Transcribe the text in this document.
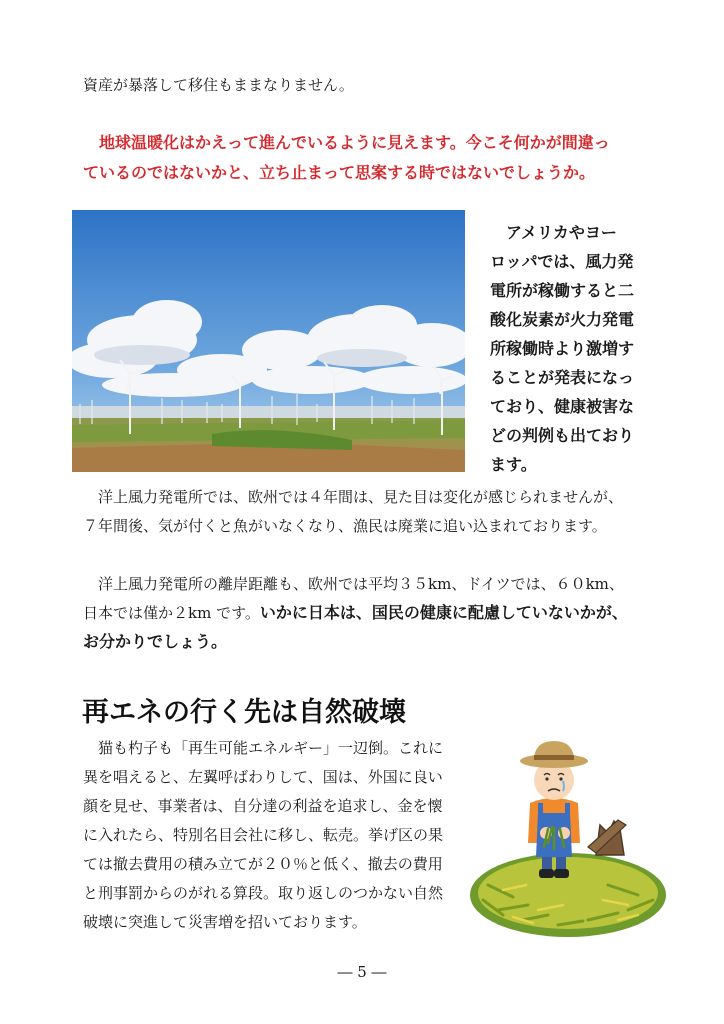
資産が暴落して移住もままなりません。
　地球温暖化はかえって進んでいるように見えます。今こそ何かが間違っ
ているのではないかと、立ち止まって思案する時ではないでしょうか。
　アメリカやヨー
ロッパでは、風力発
電所が稼働すると二
酸化炭素が火力発電
所稼働時より激増す
ることが発表になっ
ており、健康被害な
どの判例も出ており
ます。
　洋上風力発電所では、欧州では４年間は、見た目は変化が感じられませんが、
７年間後、気が付くと魚がいなくなり、漁民は廃業に追い込まれております。
　洋上風力発電所の離岸距離も、欧州では平均３５km、ドイツでは、６０km、
日本では僅か２km です。いかに日本は、国民の健康に配慮していないかが、
お分かりでしょう。
再エネの行く先は自然破壊
　猫も杓子も「再生可能エネルギー」一辺倒。これに
異を唱えると、左翼呼ばわりして、国は、外国に良い
顔を見せ、事業者は、自分達の利益を追求し、金を懐
に入れたら、特別名目会社に移し、転売。挙げ区の果
ては撤去費用の積み立てが２０％と低く、撤去の費用
と刑事罰からのがれる算段。取り返しのつかない自然
破壊に突進して災害増を招いております。
― 5 ―
